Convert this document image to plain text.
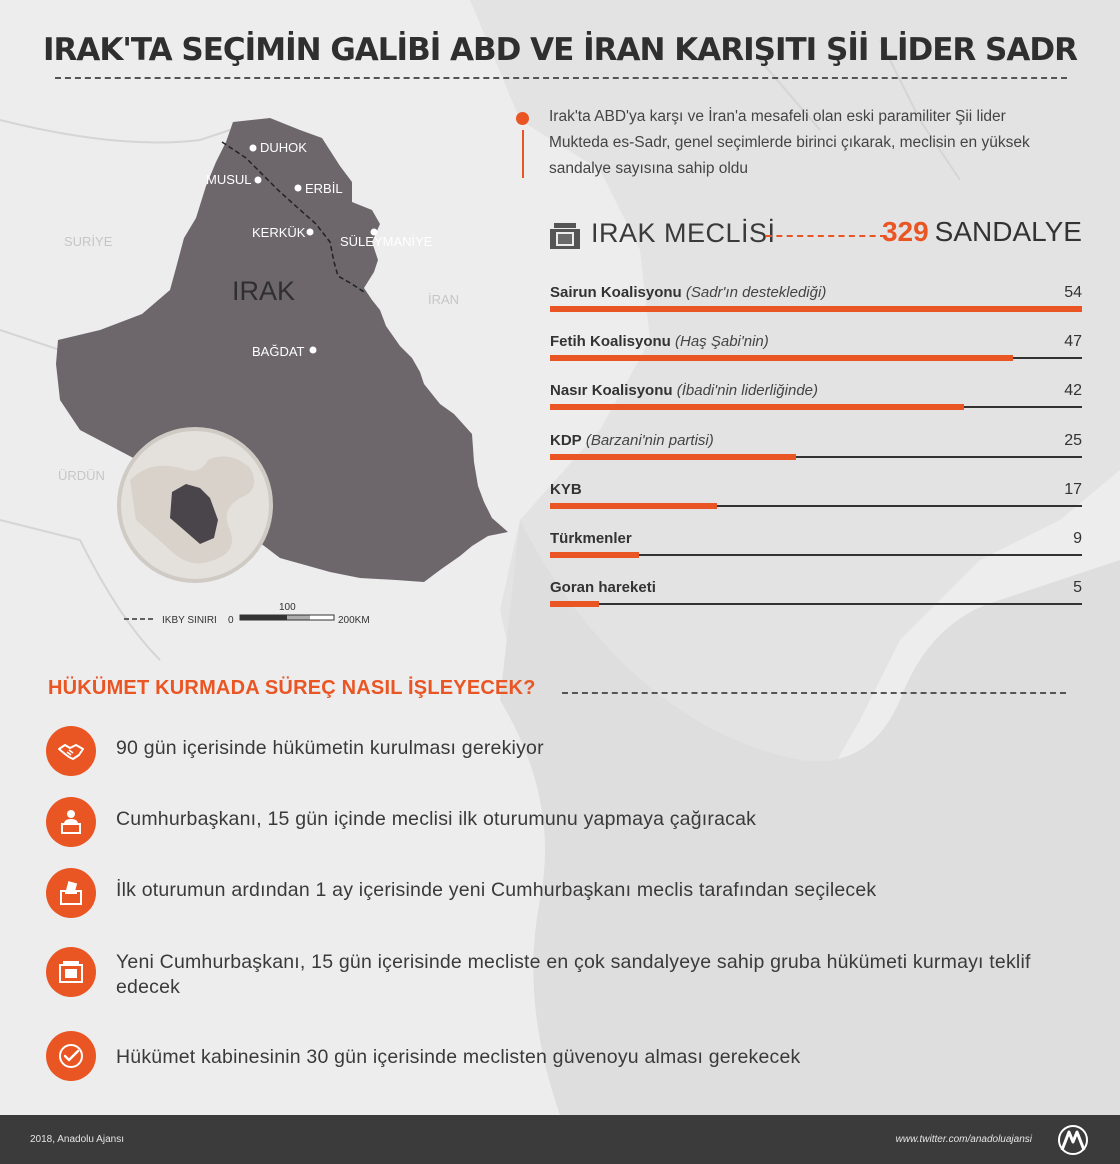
IRAK'TA SEÇİMİN GALİBİ ABD VE İRAN KARIŞITI Şİİ LİDER SADR
DUHOK
MUSUL
ERBİL
KERKÜK
SÜLEYMANİYE
BAĞDAT
IRAK
SURİYE
İRAN
ÜRDÜN
IKBY SINIRI 0
100
200KM
Irak'ta ABD'ya karşı ve İran'a mesafeli olan eski paramiliter Şii lider Mukteda es-Sadr, genel seçimlerde birinci çıkarak, meclisin en yüksek sandalye sayısına sahip oldu
IRAK MECLİSİ	329 SANDALYE
Sairun Koalisyonu (Sadr'ın desteklediği)	54
Fetih Koalisyonu (Haş Şabi'nin)	47
Nasır Koalisyonu (İbadi'nin liderliğinde)	42
KDP (Barzani'nin partisi)	25
KYB	17
Türkmenler	9
Goran hareketi	5
HÜKÜMET KURMADA SÜREÇ NASIL İŞLEYECEK?
90 gün içerisinde hükümetin kurulması gerekiyor
Cumhurbaşkanı, 15 gün içinde meclisi ilk oturumunu yapmaya çağıracak
İlk oturumun ardından 1 ay içerisinde yeni Cumhurbaşkanı meclis tarafından seçilecek
Yeni Cumhurbaşkanı, 15 gün içerisinde mecliste en çok sandalyeye sahip gruba hükümeti kurmayı teklif edecek
Hükümet kabinesinin 30 gün içerisinde meclisten güvenoyu alması gerekecek
2018, Anadolu Ajansı	www.twitter.com/anadoluajansi
